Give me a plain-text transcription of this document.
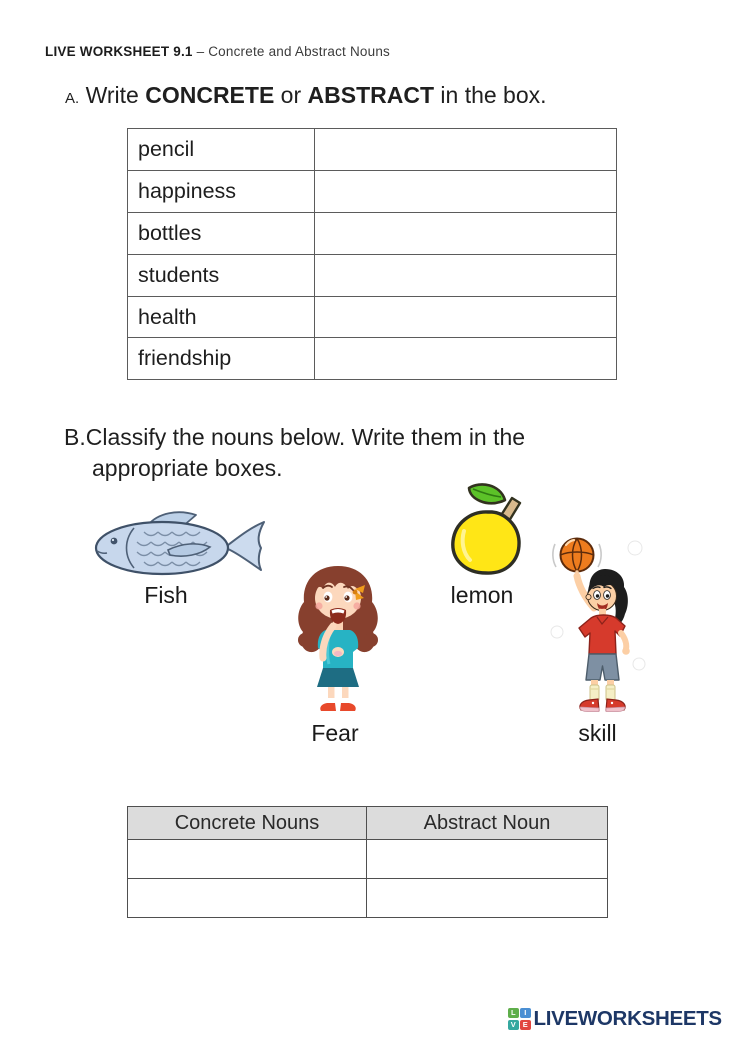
LIVE WORKSHEET 9.1 – Concrete and Abstract Nouns
A. Write CONCRETE or ABSTRACT in the box.
pencil	
happiness	
bottles	
students	
health	
friendship	
B.Classify the nouns below. Write them in the
appropriate boxes.
Fish	lemon
Fear	skill
Concrete Nouns	Abstract Noun

L	I
V E LIVEWORKSHEETS
